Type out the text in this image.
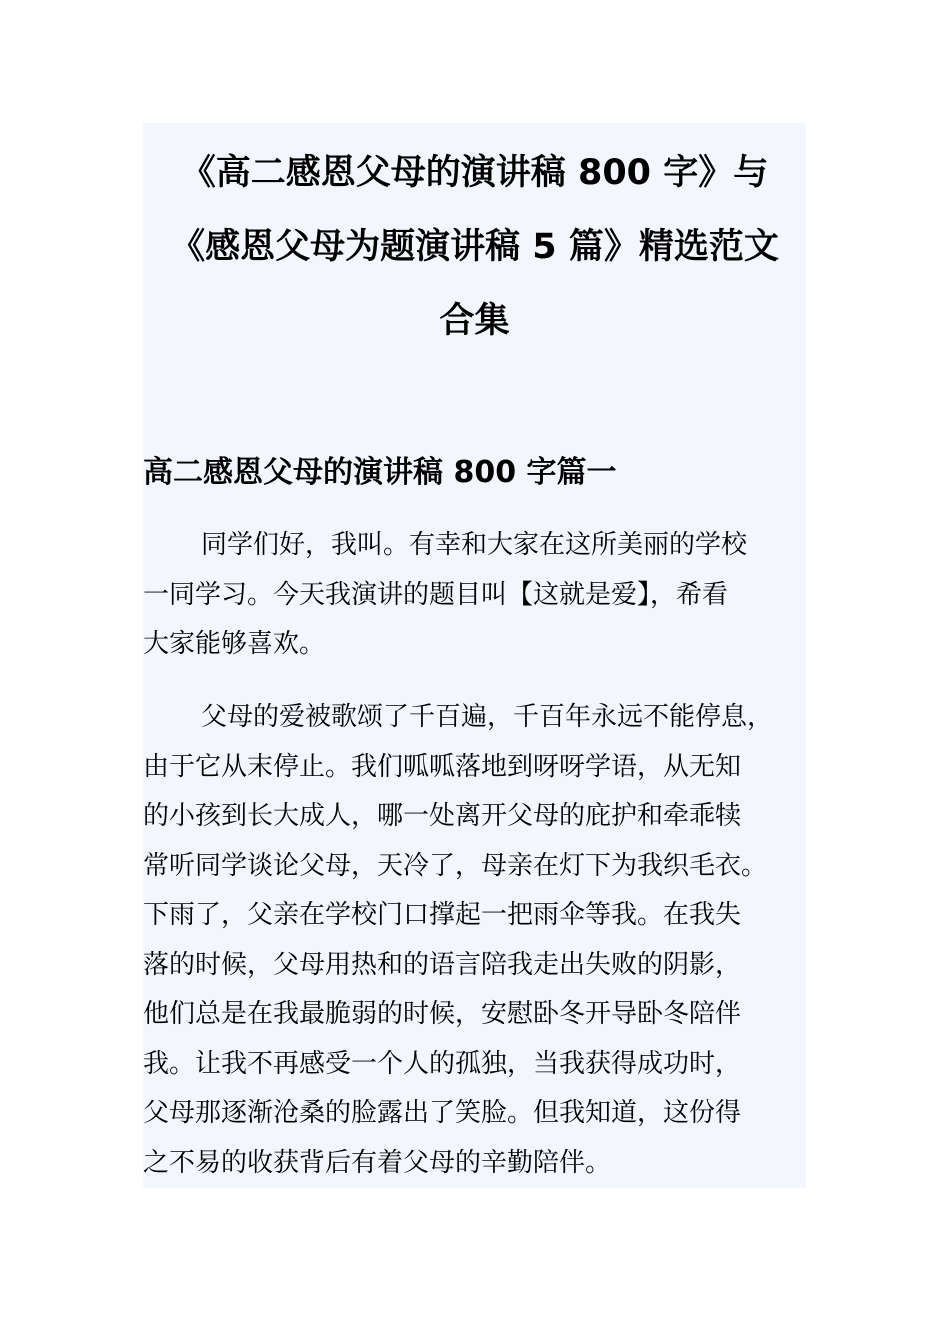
《高二感恩父母的演讲稿 800 字》与
《感恩父母为题演讲稿 5 篇》精选范文
合集
高二感恩父母的演讲稿 800 字篇一

同学们好，我叫。有幸和大家在这所美丽的学校
一同学习。今天我演讲的题目叫【这就是爱】，希看
大家能够喜欢。

父母的爱被歌颂了千百遍，千百年永远不能停息，
由于它从末停止。我们呱呱落地到呀呀学语，从无知
的小孩到长大成人，哪一处离开父母的庇护和牵乖犊
常听同学谈论父母，天冷了，母亲在灯下为我织毛衣。
下雨了，父亲在学校门口撑起一把雨伞等我。在我失
落的时候，父母用热和的语言陪我走出失败的阴影，
他们总是在我最脆弱的时候，安慰卧冬开导卧冬陪伴
我。让我不再感受一个人的孤独，当我获得成功时，
父母那逐渐沧桑的脸露出了笑脸。但我知道，这份得
之不易的收获背后有着父母的辛勤陪伴。
